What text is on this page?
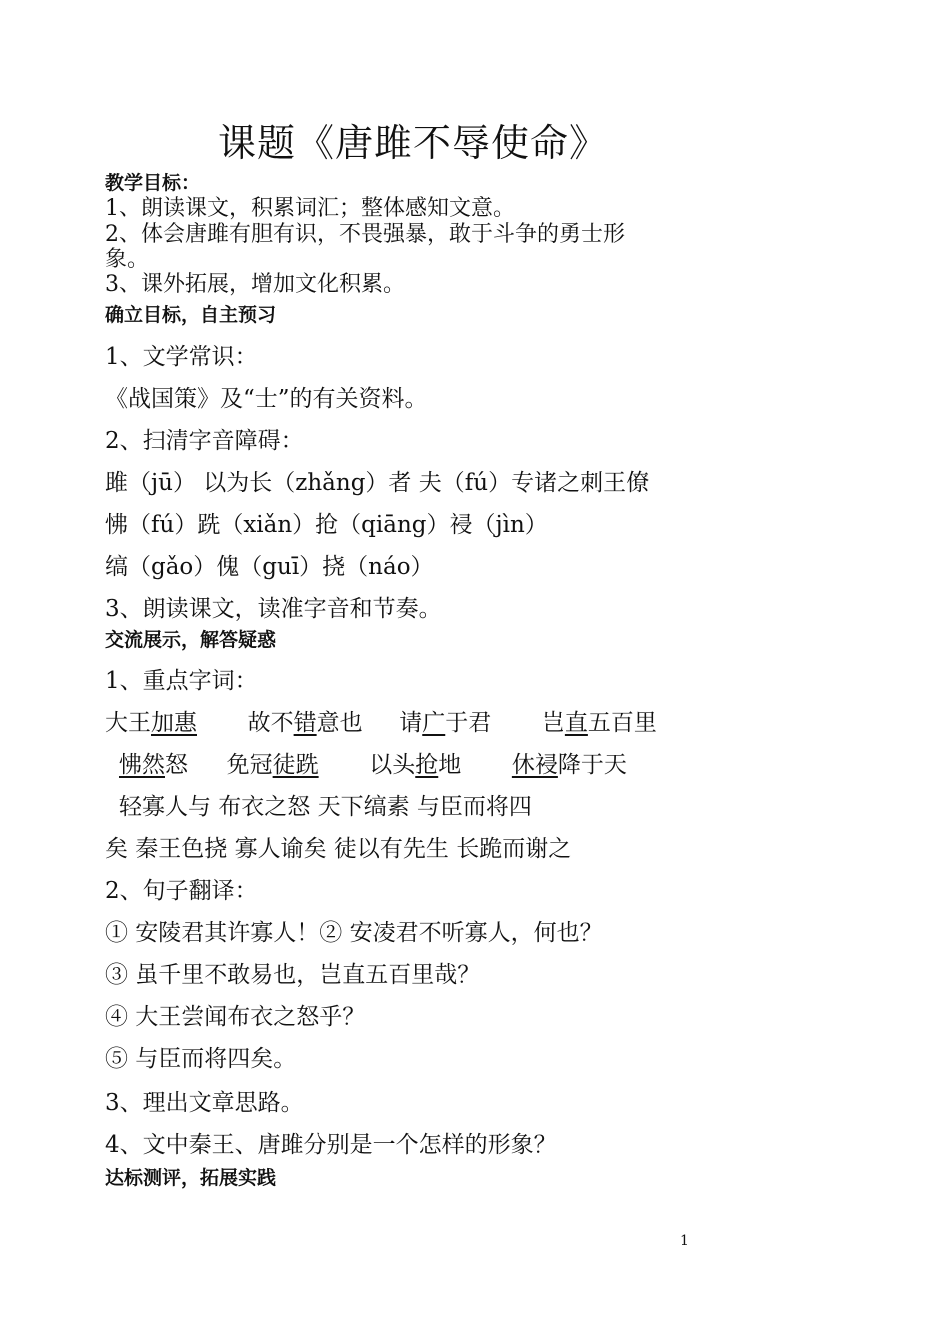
课题《唐雎不辱使命》
教学目标：
1、朗读课文，积累词汇；整体感知文意。
2、体会唐雎有胆有识，不畏强暴，敢于斗争的勇士形
象。
3、课外拓展，增加文化积累。
确立目标，自主预习
1、文学常识：
《战国策》及“士”的有关资料。
2、扫清字音障碍：
雎（jū） 以为长（zhǎng）者 夫（fú）专诸之刺王僚
怫（fú）跣（xiǎn）抢（qiāng）祲（jìn）
缟（gǎo）傀（guī）挠（náo）
3、朗读课文，读准字音和节奏。
交流展示，解答疑惑
1、重点字词：
大王加惠 故不错意也 请广于君 岂直五百里
怫然怒 免冠徒跣 以头抢地 休祲降于天
轻寡人与 布衣之怒 天下缟素 与臣而将四
矣 秦王色挠 寡人谕矣 徒以有先生 长跪而谢之
2、句子翻译：
① 安陵君其许寡人！② 安凌君不听寡人，何也？
③ 虽千里不敢易也，岂直五百里哉？
④ 大王尝闻布衣之怒乎？
⑤ 与臣而将四矣。
3、理出文章思路。
4、文中秦王、唐雎分别是一个怎样的形象？
达标测评，拓展实践
1
